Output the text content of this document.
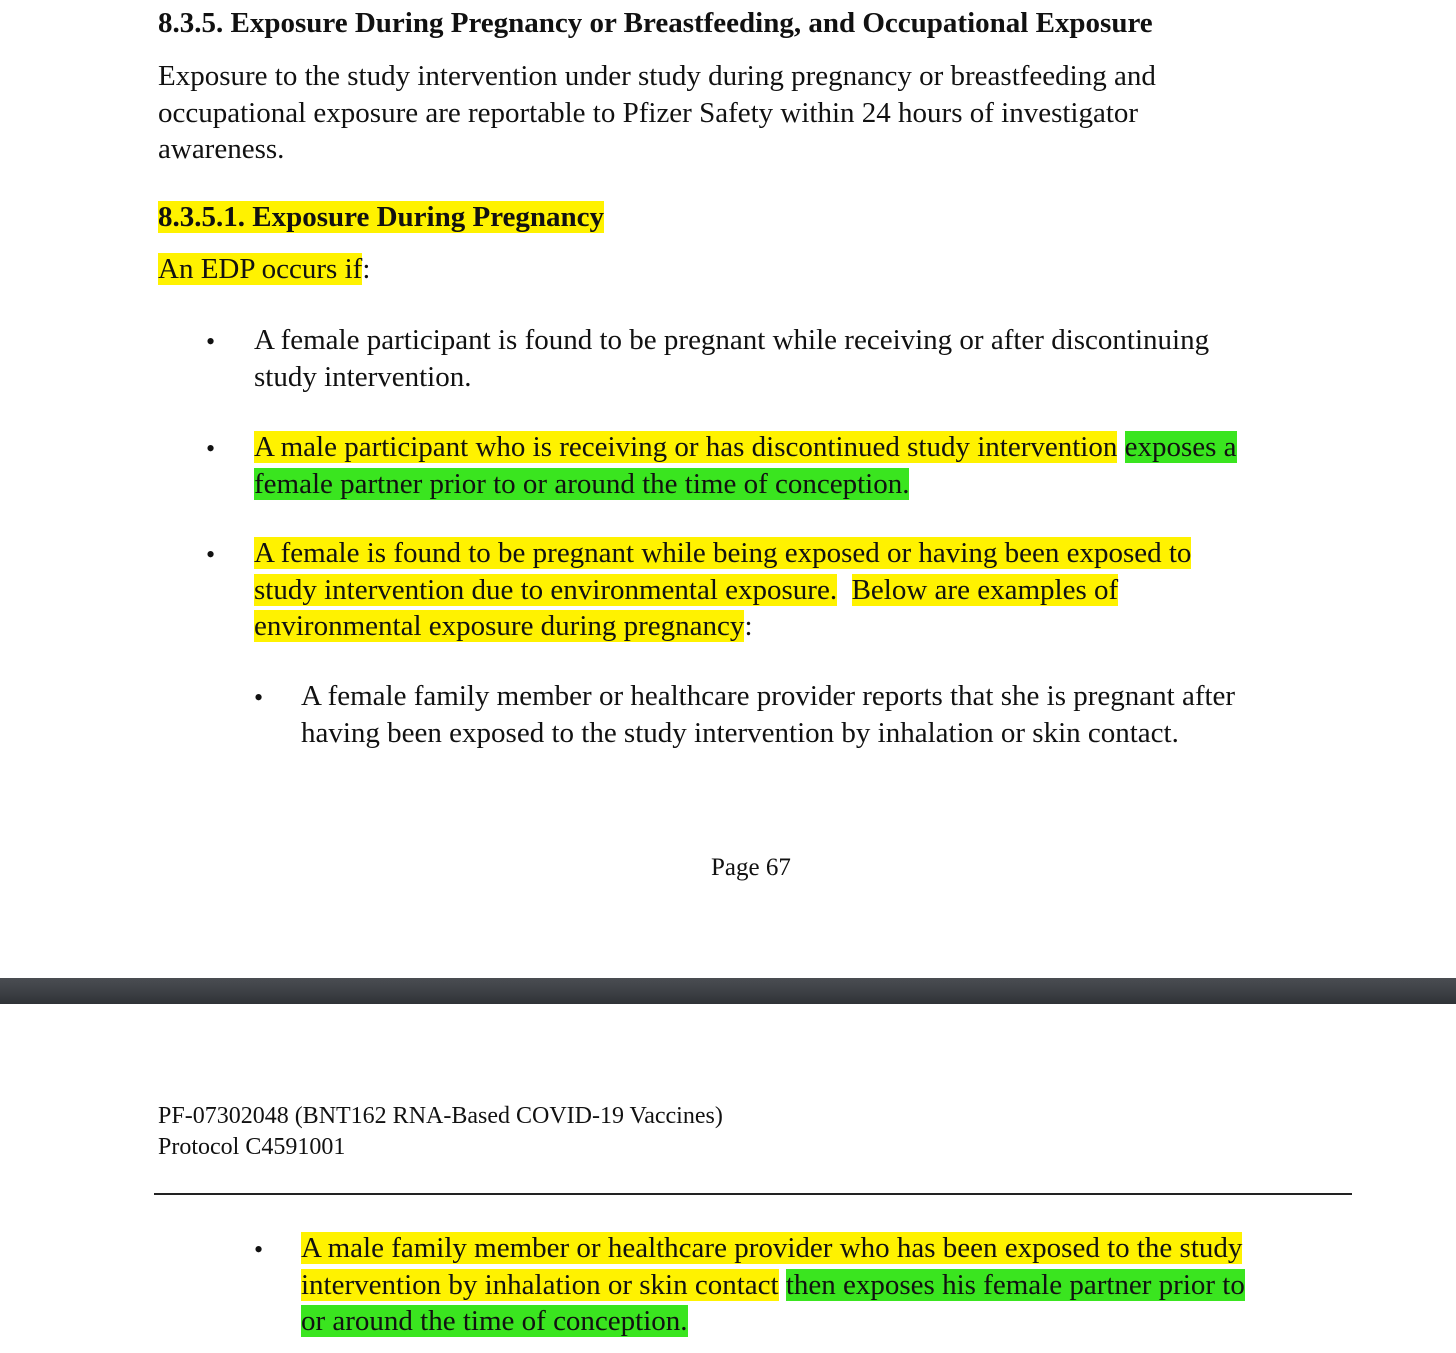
8.3.5. Exposure During Pregnancy or Breastfeeding, and Occupational Exposure
Exposure to the study intervention under study during pregnancy or breastfeeding and
occupational exposure are reportable to Pfizer Safety within 24 hours of investigator
awareness.
8.3.5.1. Exposure During Pregnancy
An EDP occurs if:
• A female participant is found to be pregnant while receiving or after discontinuing
study intervention.
• A male participant who is receiving or has discontinued study intervention exposes a
female partner prior to or around the time of conception.
• A female is found to be pregnant while being exposed or having been exposed to
study intervention due to environmental exposure. Below are examples of
environmental exposure during pregnancy:
• A female family member or healthcare provider reports that she is pregnant after
having been exposed to the study intervention by inhalation or skin contact.
Page 67
PF-07302048 (BNT162 RNA-Based COVID-19 Vaccines)
Protocol C4591001
• A male family member or healthcare provider who has been exposed to the study
intervention by inhalation or skin contact then exposes his female partner prior to
or around the time of conception.
